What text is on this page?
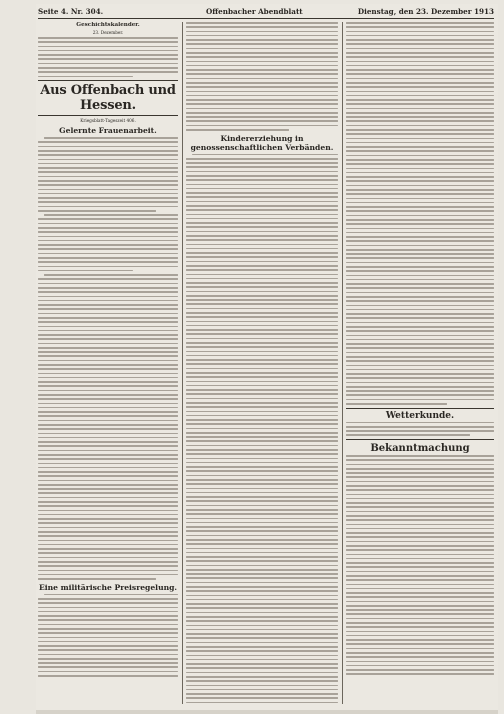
Seite 4. Nr. 304.	Offenbacher Abendblatt	Dienstag, den 23. Dezember 1913
Geschichtskalender.
23. Dezember.
Aus Offenbach und Hessen.
Kriegsblatt-Tageszeit 406.
Gelernte Frauenarbeit.
Eine militärische Preisregelung.
Kindererziehung in genossenschaftlichen Verbänden.
Wetterkunde.
Bekanntmachung
